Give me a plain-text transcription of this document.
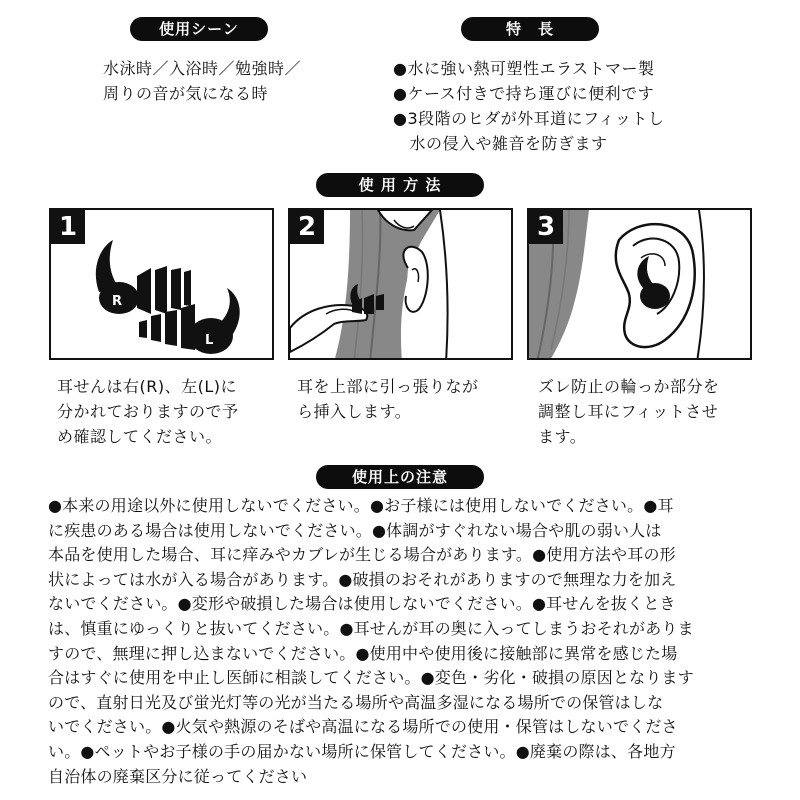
使用シーン	特　長
水泳時／入浴時／勉強時／
周りの音が気になる時
●水に強い熱可塑性エラストマー製
●ケース付きで持ち運びに便利です
●3段階のヒダが外耳道にフィットし
　水の侵入や雑音を防ぎます
使 用 方 法
1
R
L
2	3
耳せんは右(R)、左(L)に
分かれておりますので予
め確認してください。
耳を上部に引っ張りなが
ら挿入します。
ズレ防止の輪っか部分を
調整し耳にフィットさせ
ます。
使用上の注意
●本来の用途以外に使用しないでください。●お子様には使用しないでください。●耳
に疾患のある場合は使用しないでください。●体調がすぐれない場合や肌の弱い人は
本品を使用した場合、耳に痒みやカブレが生じる場合があります。●使用方法や耳の形
状によっては水が入る場合があります。●破損のおそれがありますので無理な力を加え
ないでください。●変形や破損した場合は使用しないでください。●耳せんを抜くとき
は、慎重にゆっくりと抜いてください。●耳せんが耳の奥に入ってしまうおそれがありま
すので、無理に押し込まないでください。●使用中や使用後に接触部に異常を感じた場
合はすぐに使用を中止し医師に相談してください。●変色・劣化・破損の原因となります
ので、直射日光及び蛍光灯等の光が当たる場所や高温多湿になる場所での保管はしな
いでください。●火気や熱源のそばや高温になる場所での使用・保管はしないでくださ
い。●ペットやお子様の手の届かない場所に保管してください。●廃棄の際は、各地方
自治体の廃棄区分に従ってください
